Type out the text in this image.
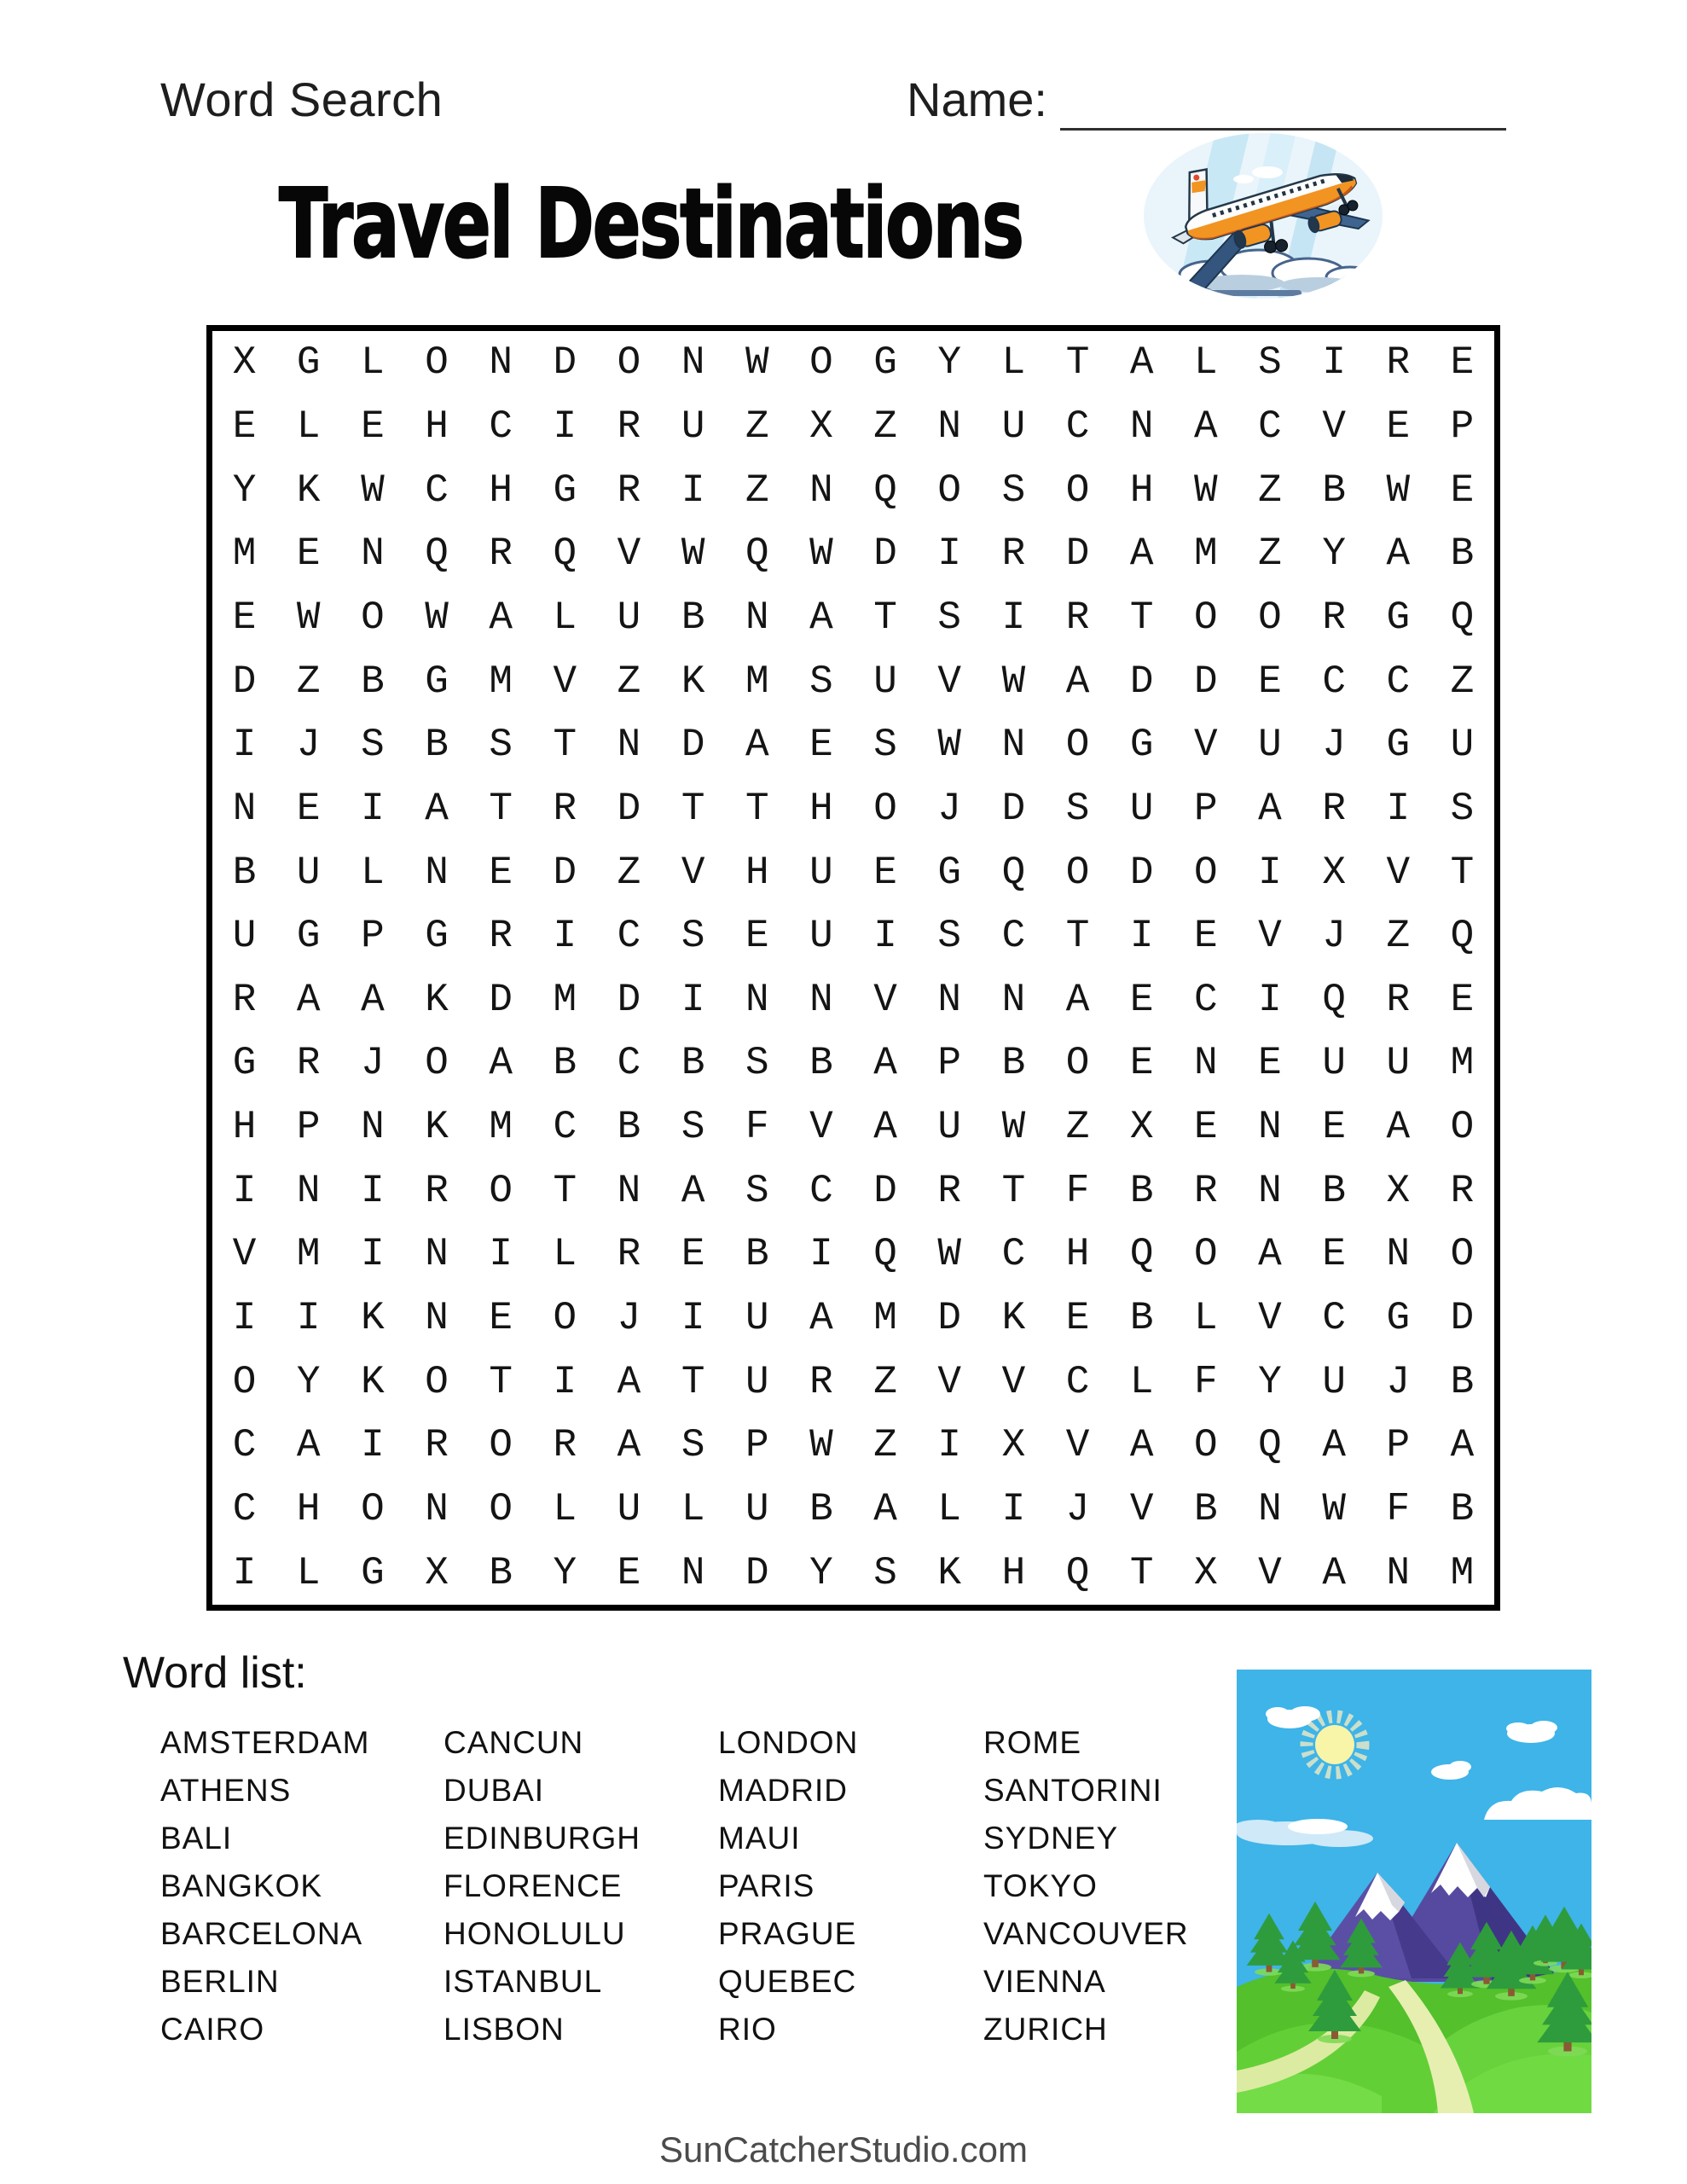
Word Search	Name:
Travel Destinations
X	G	L	O	N	D	O	N	W	O	G	Y	L	T	A	L	S	I	R	E
E	L	E	H	C	I	R	U	Z	X	Z	N	U	C	N	A	C	V	E	P
Y	K	W	C	H	G	R	I	Z	N	Q	O	S	O	H	W	Z	B	W	E
M	E	N	Q	R	Q	V	W	Q	W	D	I	R	D	A	M	Z	Y	A	B
E	W	O	W	A	L	U	B	N	A	T	S	I	R	T	O	O	R	G	Q
D	Z	B	G	M	V	Z	K	M	S	U	V	W	A	D	D	E	C	C	Z
I	J	S	B	S	T	N	D	A	E	S	W	N	O	G	V	U	J	G	U
N	E	I	A	T	R	D	T	T	H	O	J	D	S	U	P	A	R	I	S
B	U	L	N	E	D	Z	V	H	U	E	G	Q	O	D	O	I	X	V	T
U	G	P	G	R	I	C	S	E	U	I	S	C	T	I	E	V	J	Z	Q
R	A	A	K	D	M	D	I	N	N	V	N	N	A	E	C	I	Q	R	E
G	R	J	O	A	B	C	B	S	B	A	P	B	O	E	N	E	U	U	M
H	P	N	K	M	C	B	S	F	V	A	U	W	Z	X	E	N	E	A	O
I	N	I	R	O	T	N	A	S	C	D	R	T	F	B	R	N	B	X	R
V	M	I	N	I	L	R	E	B	I	Q	W	C	H	Q	O	A	E	N	O
I	I	K	N	E	O	J	I	U	A	M	D	K	E	B	L	V	C	G	D
O	Y	K	O	T	I	A	T	U	R	Z	V	V	C	L	F	Y	U	J	B
C	A	I	R	O	R	A	S	P	W	Z	I	X	V	A	O	Q	A	P	A
C	H	O	N	O	L	U	L	U	B	A	L	I	J	V	B	N	W	F	B
I	L	G	X	B	Y	E	N	D	Y	S	K	H	Q	T	X	V	A	N	M
Word list:
AMSTERDAM
ATHENS
BALI
BANGKOK
BARCELONA
BERLIN
CAIRO
CANCUN
DUBAI
EDINBURGH
FLORENCE
HONOLULU
ISTANBUL
LISBON
LONDON
MADRID
MAUI
PARIS
PRAGUE
QUEBEC
RIO
ROME
SANTORINI
SYDNEY
TOKYO
VANCOUVER
VIENNA
ZURICH
SunCatcherStudio.com
